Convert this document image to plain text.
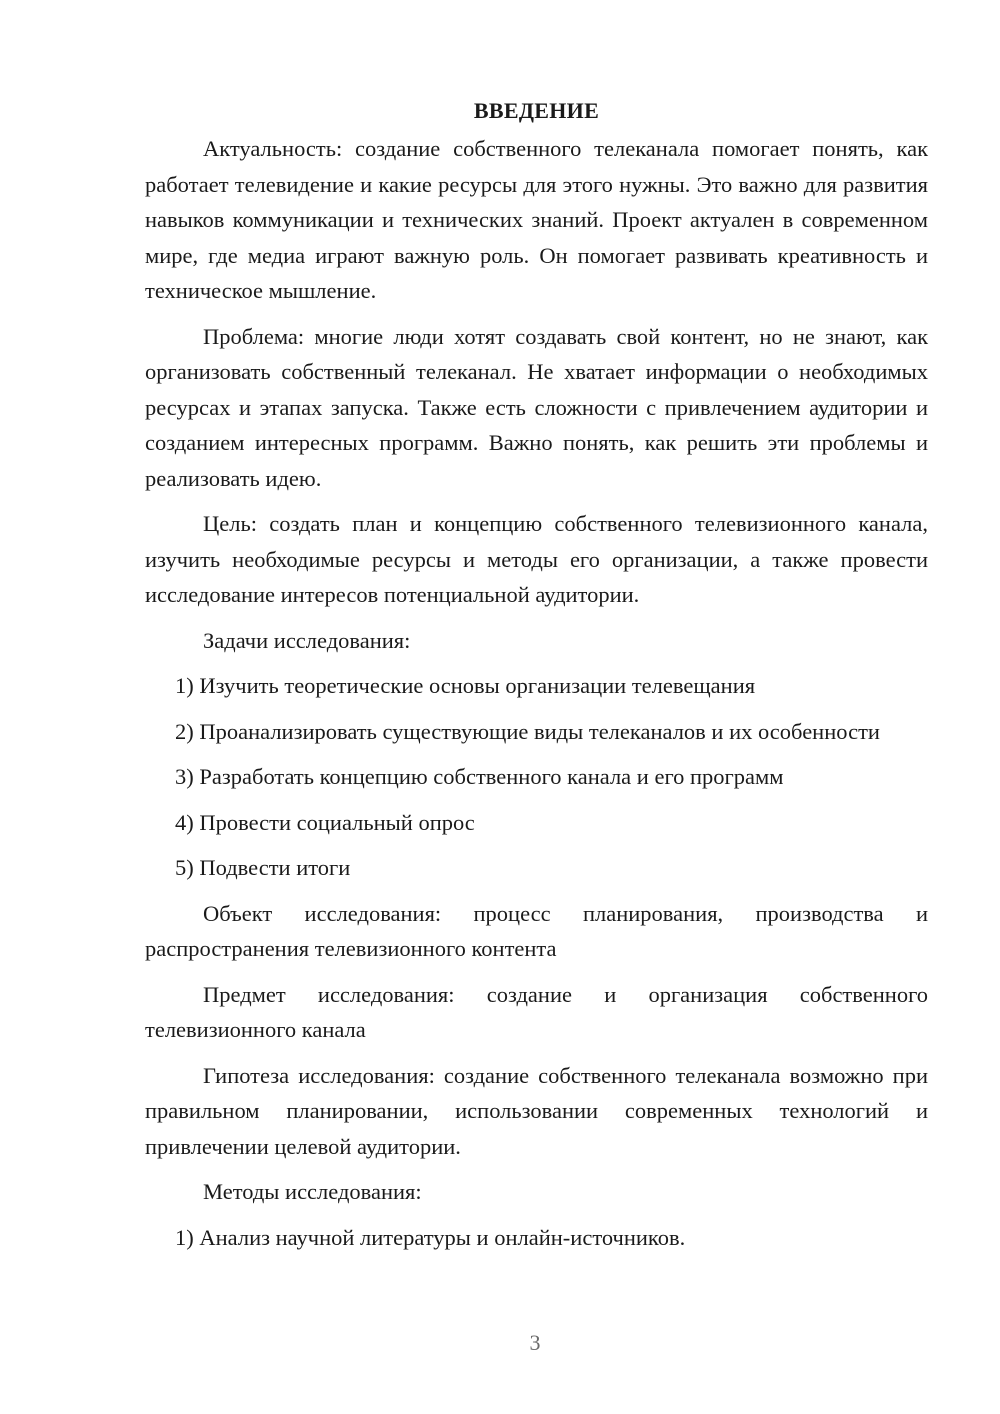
ВВЕДЕНИЕ

Актуальность: создание собственного телеканала помогает понять, как работает телевидение и какие ресурсы для этого нужны. Это важно для развития навыков коммуникации и технических знаний. Проект актуален в современном мире, где медиа играют важную роль. Он помогает развивать креативность и техническое мышление.

Проблема: многие люди хотят создавать свой контент, но не знают, как организовать собственный телеканал. Не хватает информации о необходимых ресурсах и этапах запуска. Также есть сложности с привлечением аудитории и созданием интересных программ. Важно понять, как решить эти проблемы и реализовать идею.

Цель: создать план и концепцию собственного телевизионного канала, изучить необходимые ресурсы и методы его организации, а также провести исследование интересов потенциальной аудитории.

Задачи исследования:

1) Изучить теоретические основы организации телевещания

2) Проанализировать существующие виды телеканалов и их особенности

3) Разработать концепцию собственного канала и его программ

4) Провести социальный опрос

5) Подвести итоги

Объект исследования: процесс планирования, производства и распространения телевизионного контента

Предмет исследования: создание и организация собственного телевизионного канала

Гипотеза исследования: создание собственного телеканала возможно при правильном планировании, использовании современных технологий и привлечении целевой аудитории.

Методы исследования:

1) Анализ научной литературы и онлайн-источников.

3
